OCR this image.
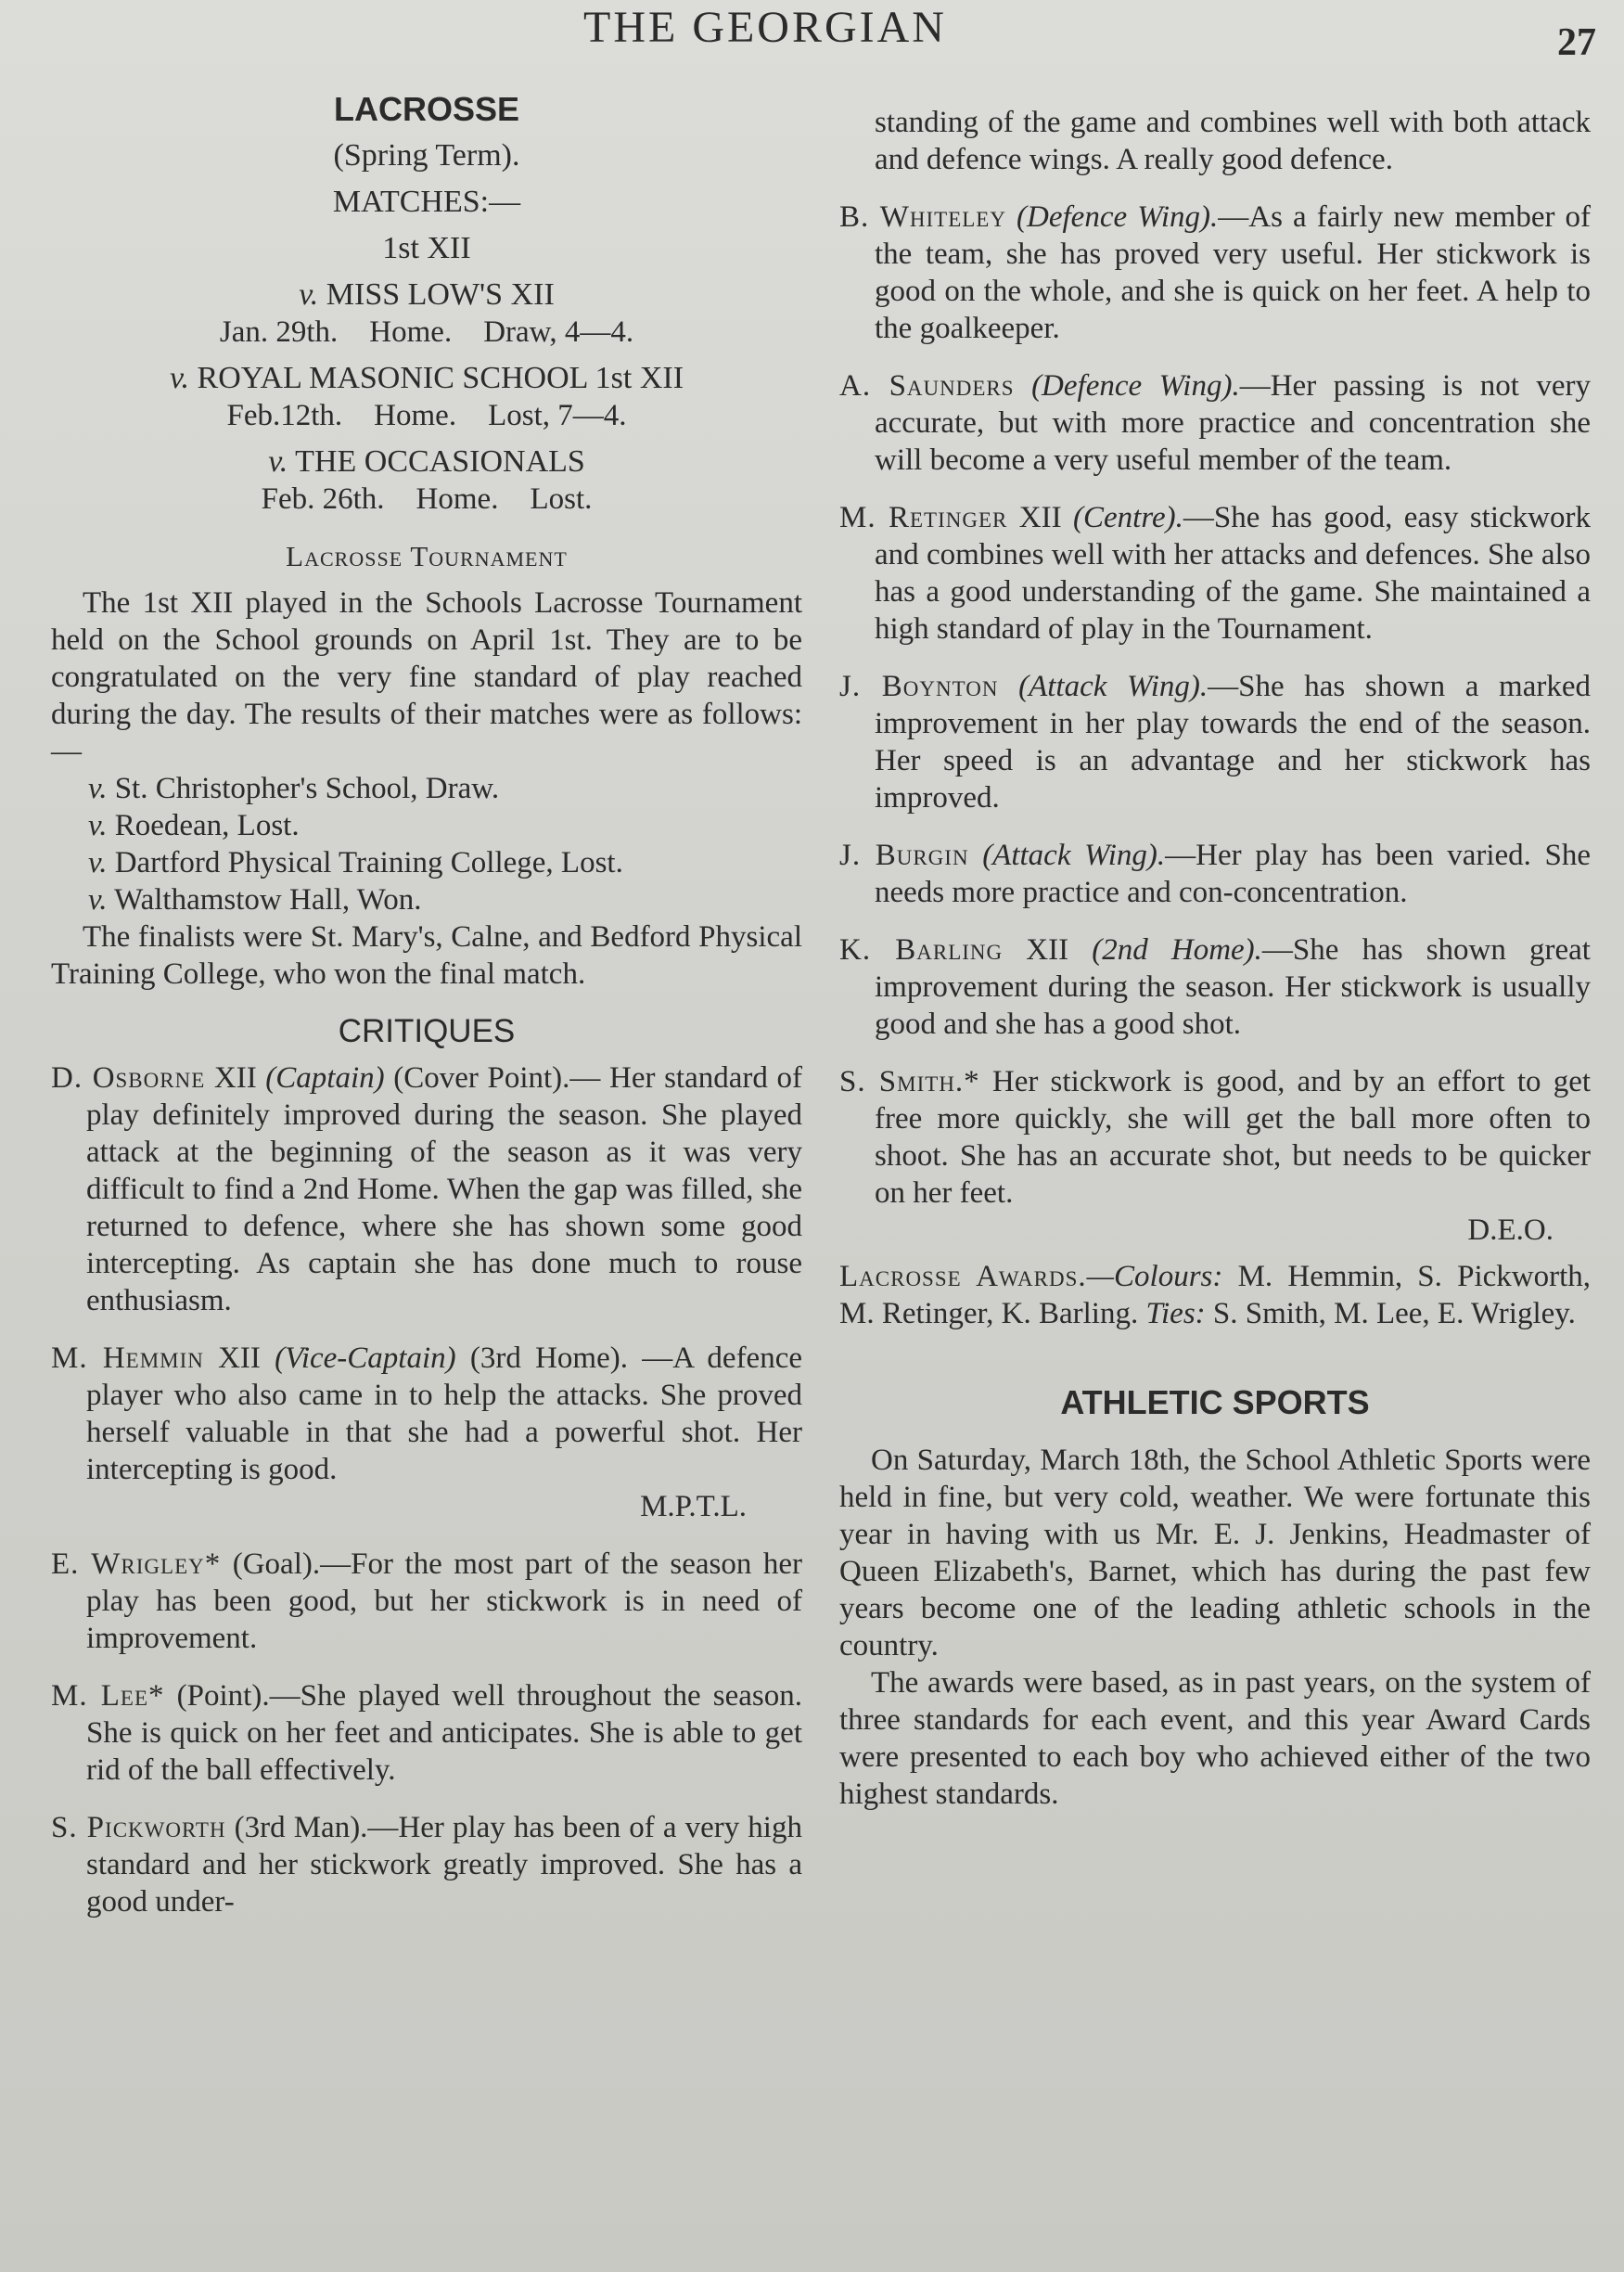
THE GEORGIAN	27
LACROSSE
(Spring Term).
MATCHES:—
1st XII
v. MISS LOW'S XII
Jan. 29th. Home. Draw, 4—4.
v. ROYAL MASONIC SCHOOL 1st XII
Feb.12th. Home. Lost, 7—4.
v. THE OCCASIONALS
Feb. 26th. Home. Lost.
Lacrosse Tournament

The 1st XII played in the Schools Lacrosse Tournament held on the School grounds on April 1st. They are to be congratulated on the very fine standard of play reached during the day. The results of their matches were as follows:—

v. St. Christopher's School, Draw.
v. Roedean, Lost.
v. Dartford Physical Training College, Lost.
v. Walthamstow Hall, Won.

The finalists were St. Mary's, Calne, and Bedford Physical Training College, who won the final match.

CRITIQUES

D. Osborne XII (Captain) (Cover Point).— Her standard of play definitely improved during the season. She played attack at the beginning of the season as it was very difficult to find a 2nd Home. When the gap was filled, she returned to defence, where she has shown some good intercepting. As captain she has done much to rouse enthusiasm.

M. Hemmin XII (Vice-Captain) (3rd Home). —A defence player who also came in to help the attacks. She proved herself valuable in that she had a powerful shot. Her intercepting is good.

M.P.T.L.

E. Wrigley* (Goal).—For the most part of the season her play has been good, but her stickwork is in need of improvement.

M. Lee* (Point).—She played well throughout the season. She is quick on her feet and anticipates. She is able to get rid of the ball effectively.

S. Pickworth (3rd Man).—Her play has been of a very high standard and her stickwork greatly improved. She has a good under-

standing of the game and combines well with both attack and defence wings. A really good defence.

B. Whiteley (Defence Wing).—As a fairly new member of the team, she has proved very useful. Her stickwork is good on the whole, and she is quick on her feet. A help to the goalkeeper.

A. Saunders (Defence Wing).—Her passing is not very accurate, but with more practice and concentration she will become a very useful member of the team.

M. Retinger XII (Centre).—She has good, easy stickwork and combines well with her attacks and defences. She also has a good understanding of the game. She maintained a high standard of play in the Tournament.

J. Boynton (Attack Wing).—She has shown a marked improvement in her play towards the end of the season. Her speed is an advantage and her stickwork has improved.

J. Burgin (Attack Wing).—Her play has been varied. She needs more practice and con-concentration.

K. Barling XII (2nd Home).—She has shown great improvement during the season. Her stickwork is usually good and she has a good shot.

S. Smith.* Her stickwork is good, and by an effort to get free more quickly, she will get the ball more often to shoot. She has an accurate shot, but needs to be quicker on her feet.

D.E.O.

Lacrosse Awards.—Colours: M. Hemmin, S. Pickworth, M. Retinger, K. Barling. Ties: S. Smith, M. Lee, E. Wrigley.

ATHLETIC SPORTS

On Saturday, March 18th, the School Athletic Sports were held in fine, but very cold, weather. We were fortunate this year in having with us Mr. E. J. Jenkins, Headmaster of Queen Elizabeth's, Barnet, which has during the past few years become one of the leading athletic schools in the country.

The awards were based, as in past years, on the system of three standards for each event, and this year Award Cards were presented to each boy who achieved either of the two highest standards.
